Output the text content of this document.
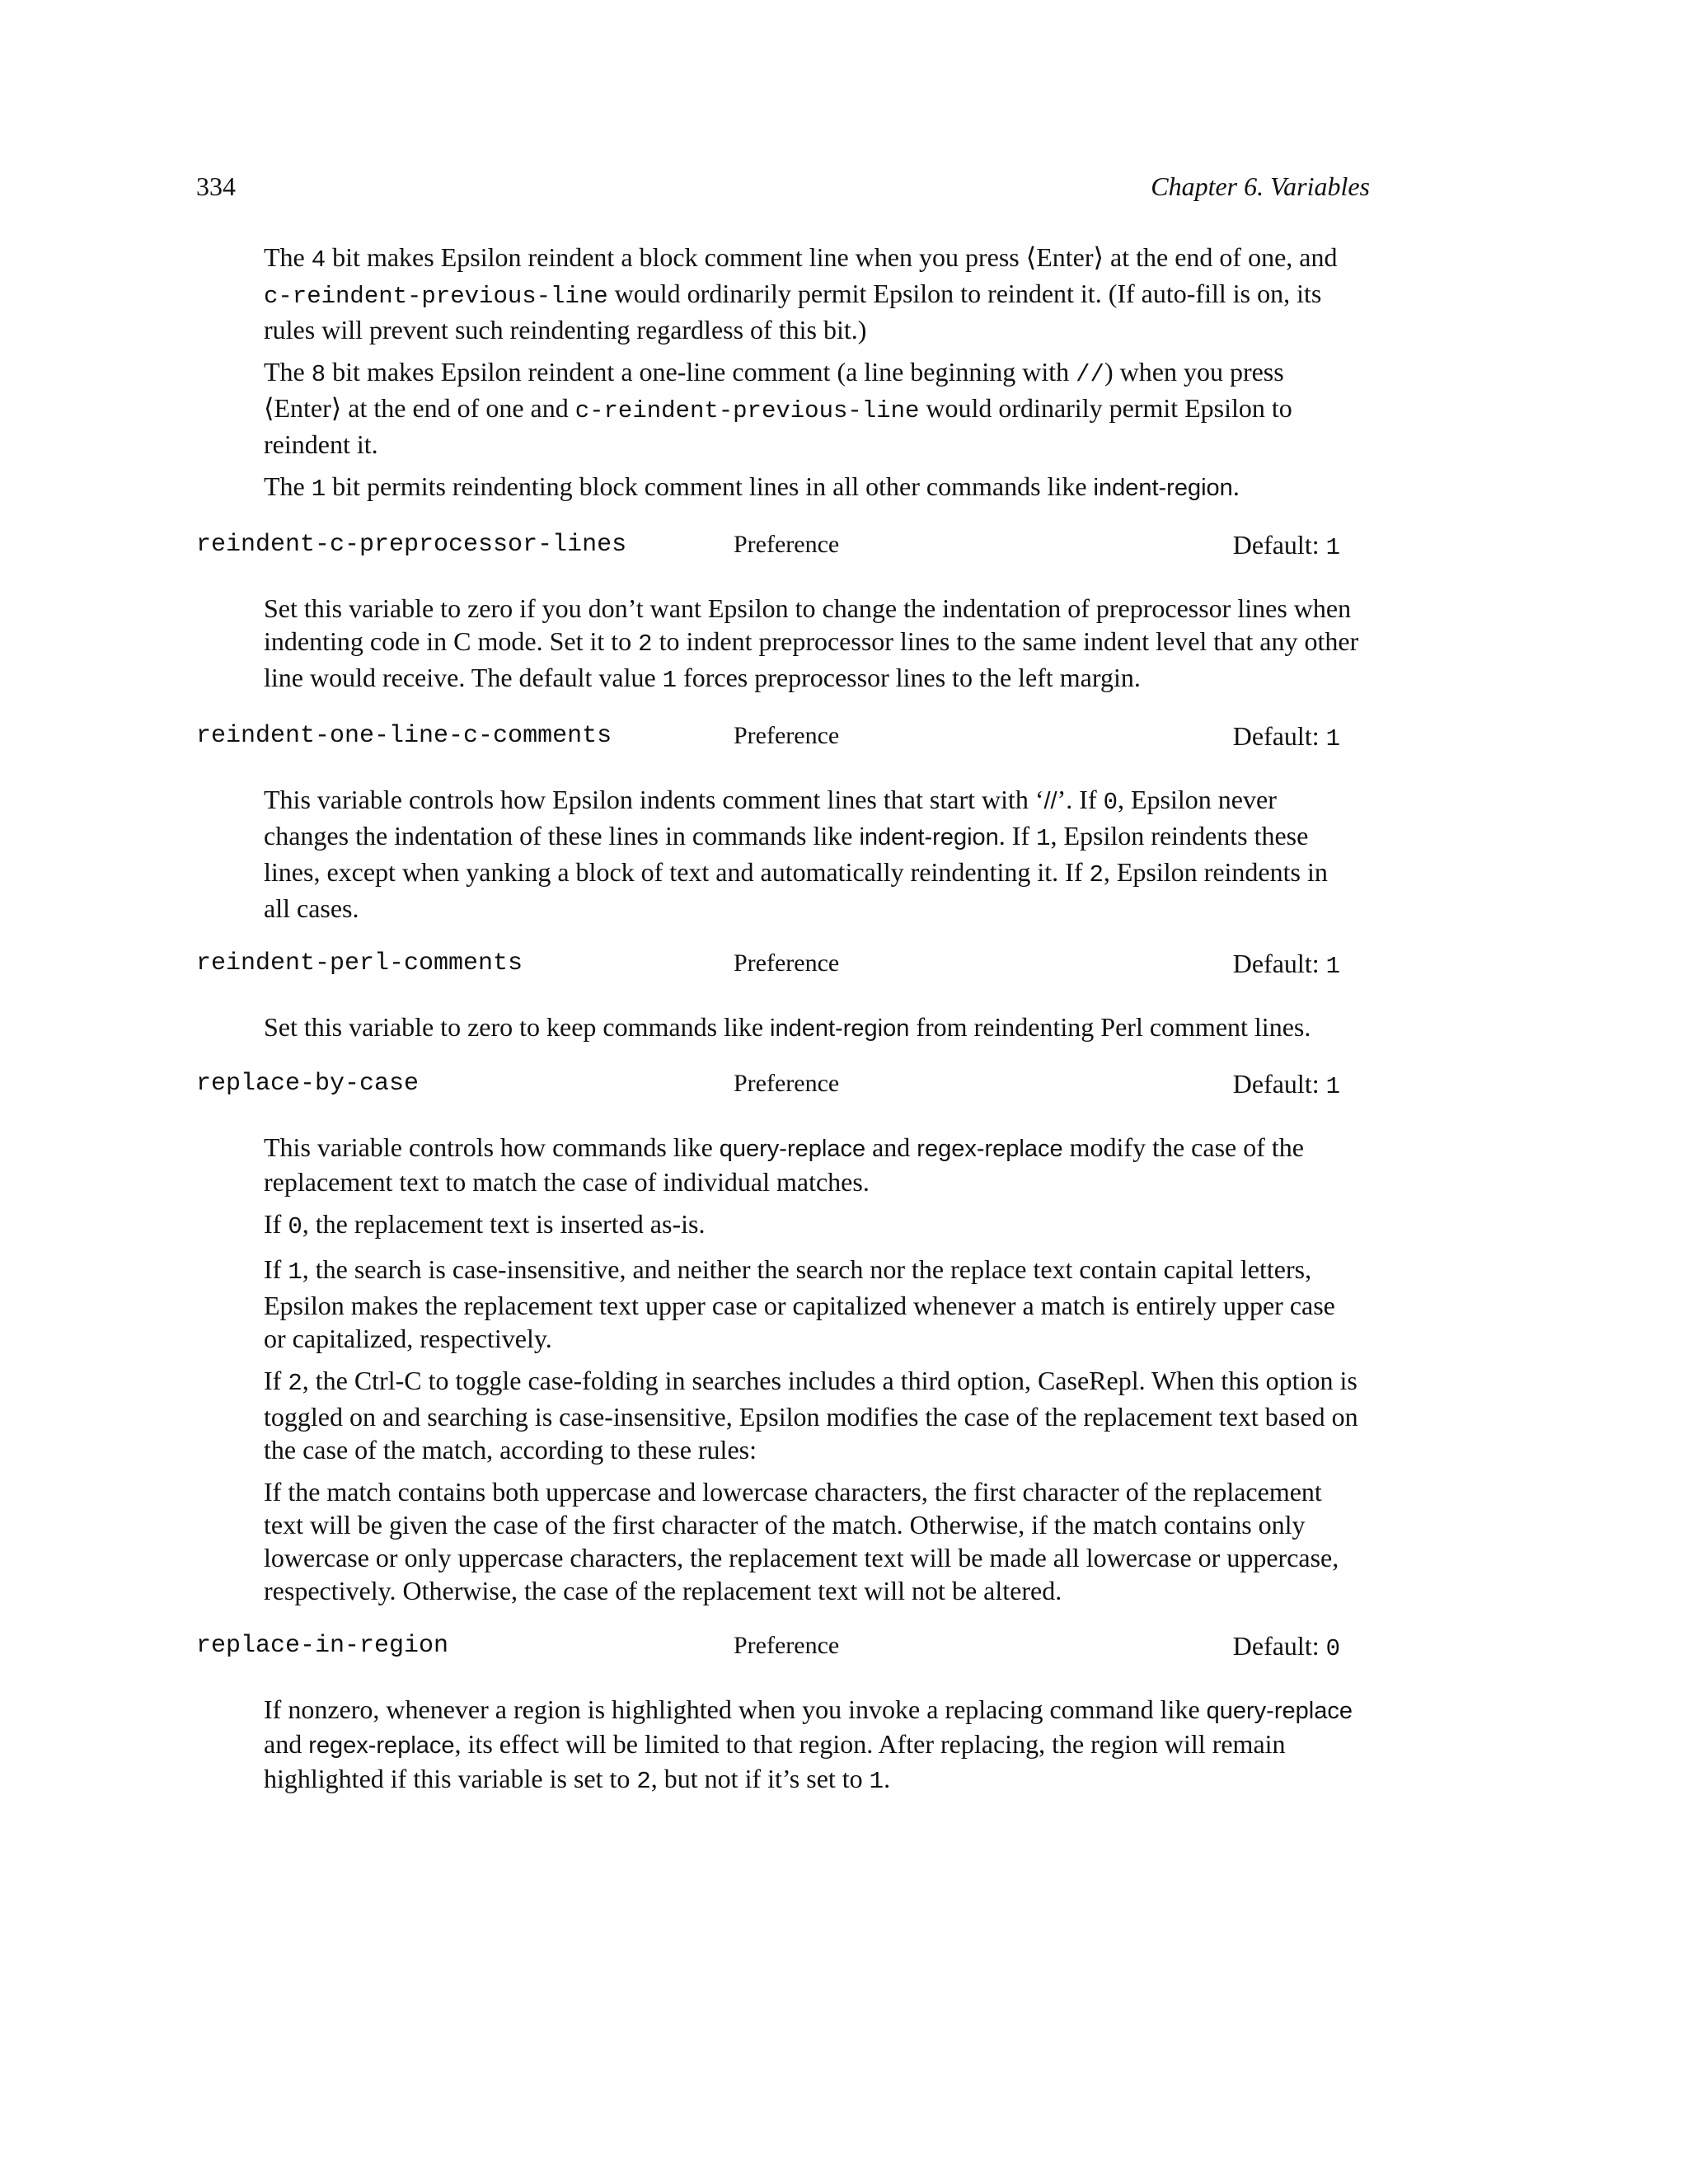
334	Chapter 6. Variables

The 4 bit makes Epsilon reindent a block comment line when you press ⟨Enter⟩ at the end of one, and c-reindent-previous-line would ordinarily permit Epsilon to reindent it. (If auto-fill is on, its rules will prevent such reindenting regardless of this bit.)

The 8 bit makes Epsilon reindent a one-line comment (a line beginning with //) when you press ⟨Enter⟩ at the end of one and c-reindent-previous-line would ordinarily permit Epsilon to reindent it.

The 1 bit permits reindenting block comment lines in all other commands like indent-region.

reindent-c-preprocessor-lines	Preference	Default: 1

Set this variable to zero if you don’t want Epsilon to change the indentation of preprocessor lines when indenting code in C mode. Set it to 2 to indent preprocessor lines to the same indent level that any other line would receive. The default value 1 forces preprocessor lines to the left margin.

reindent-one-line-c-comments	Preference	Default: 1

This variable controls how Epsilon indents comment lines that start with ‘//’. If 0, Epsilon never changes the indentation of these lines in commands like indent-region. If 1, Epsilon reindents these lines, except when yanking a block of text and automatically reindenting it. If 2, Epsilon reindents in all cases.

reindent-perl-comments	Preference	Default: 1

Set this variable to zero to keep commands like indent-region from reindenting Perl comment lines.

replace-by-case	Preference	Default: 1

This variable controls how commands like query-replace and regex-replace modify the case of the replacement text to match the case of individual matches.

If 0, the replacement text is inserted as-is.

If 1, the search is case-insensitive, and neither the search nor the replace text contain capital letters, Epsilon makes the replacement text upper case or capitalized whenever a match is entirely upper case or capitalized, respectively.

If 2, the Ctrl-C to toggle case-folding in searches includes a third option, CaseRepl. When this option is toggled on and searching is case-insensitive, Epsilon modifies the case of the replacement text based on the case of the match, according to these rules:

If the match contains both uppercase and lowercase characters, the first character of the replacement text will be given the case of the first character of the match. Otherwise, if the match contains only lowercase or only uppercase characters, the replacement text will be made all lowercase or uppercase, respectively. Otherwise, the case of the replacement text will not be altered.

replace-in-region	Preference	Default: 0

If nonzero, whenever a region is highlighted when you invoke a replacing command like query-replace and regex-replace, its effect will be limited to that region. After replacing, the region will remain highlighted if this variable is set to 2, but not if it’s set to 1.
